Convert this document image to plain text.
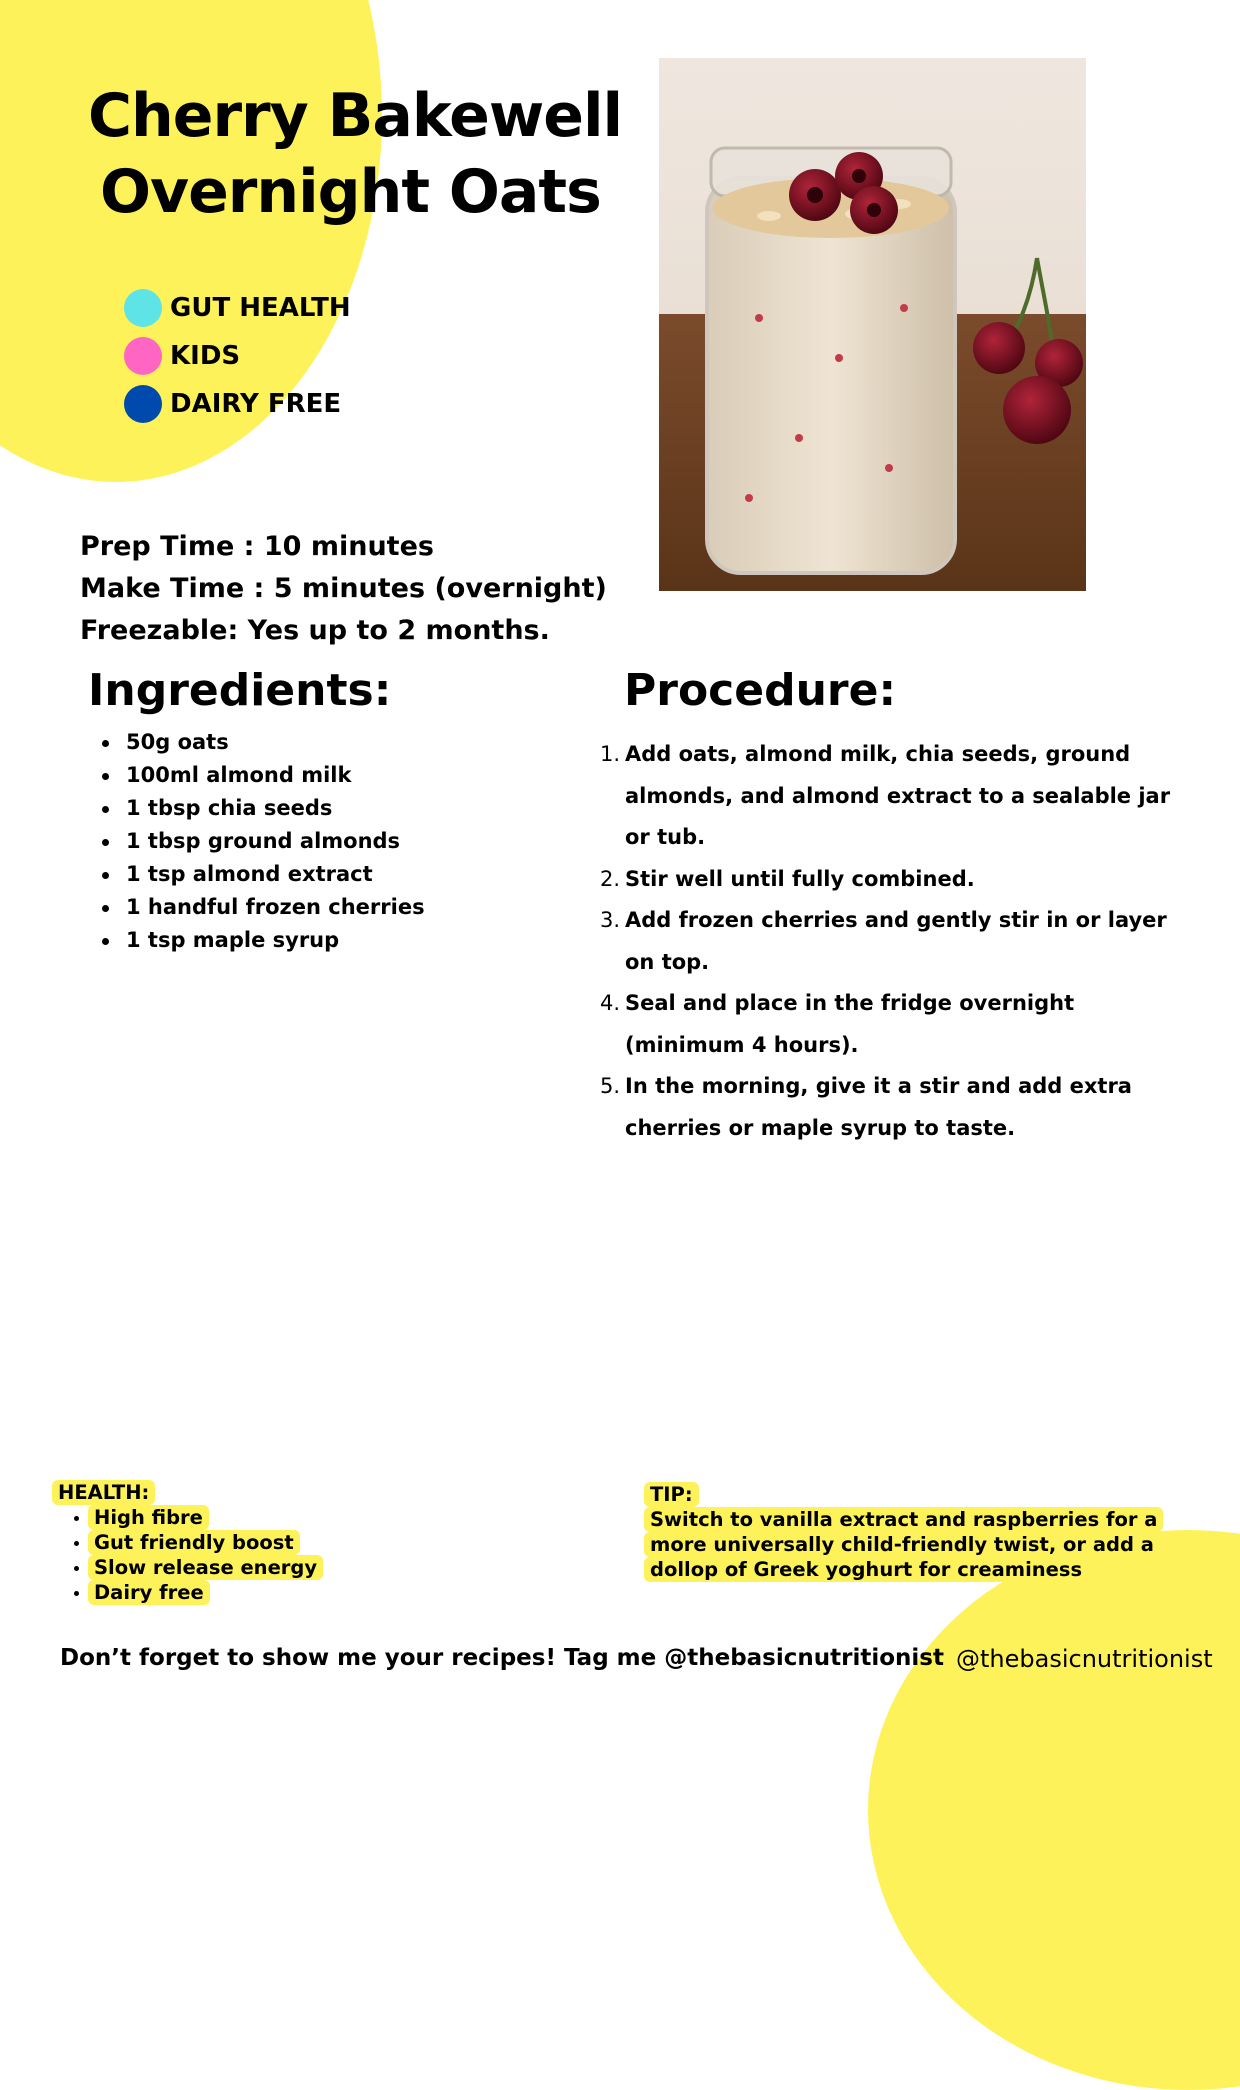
Cherry Bakewell
Overnight Oats
GUT HEALTH
KIDS
DAIRY FREE
Prep Time : 10 minutes
Make Time : 5 minutes (overnight)
Freezable: Yes up to 2 months.
Ingredients:
50g oats
100ml almond milk
1 tbsp chia seeds
1 tbsp ground almonds
1 tsp almond extract
1 handful frozen cherries
1 tsp maple syrup
Procedure:
1. Add oats, almond milk, chia seeds, ground almonds, and almond extract to a sealable jar or tub.
2. Stir well until fully combined.
3. Add frozen cherries and gently stir in or layer on top.
4. Seal and place in the fridge overnight (minimum 4 hours).
5. In the morning, give it a stir and add extra cherries or maple syrup to taste.
HEALTH:
High fibre
Gut friendly boost
Slow release energy
Dairy free
TIP:
Switch to vanilla extract and raspberries for a more universally child-friendly twist, or add a dollop of Greek yoghurt for creaminess
Don’t forget to show me your recipes! Tag me @thebasicnutritionist @thebasicnutritionist
